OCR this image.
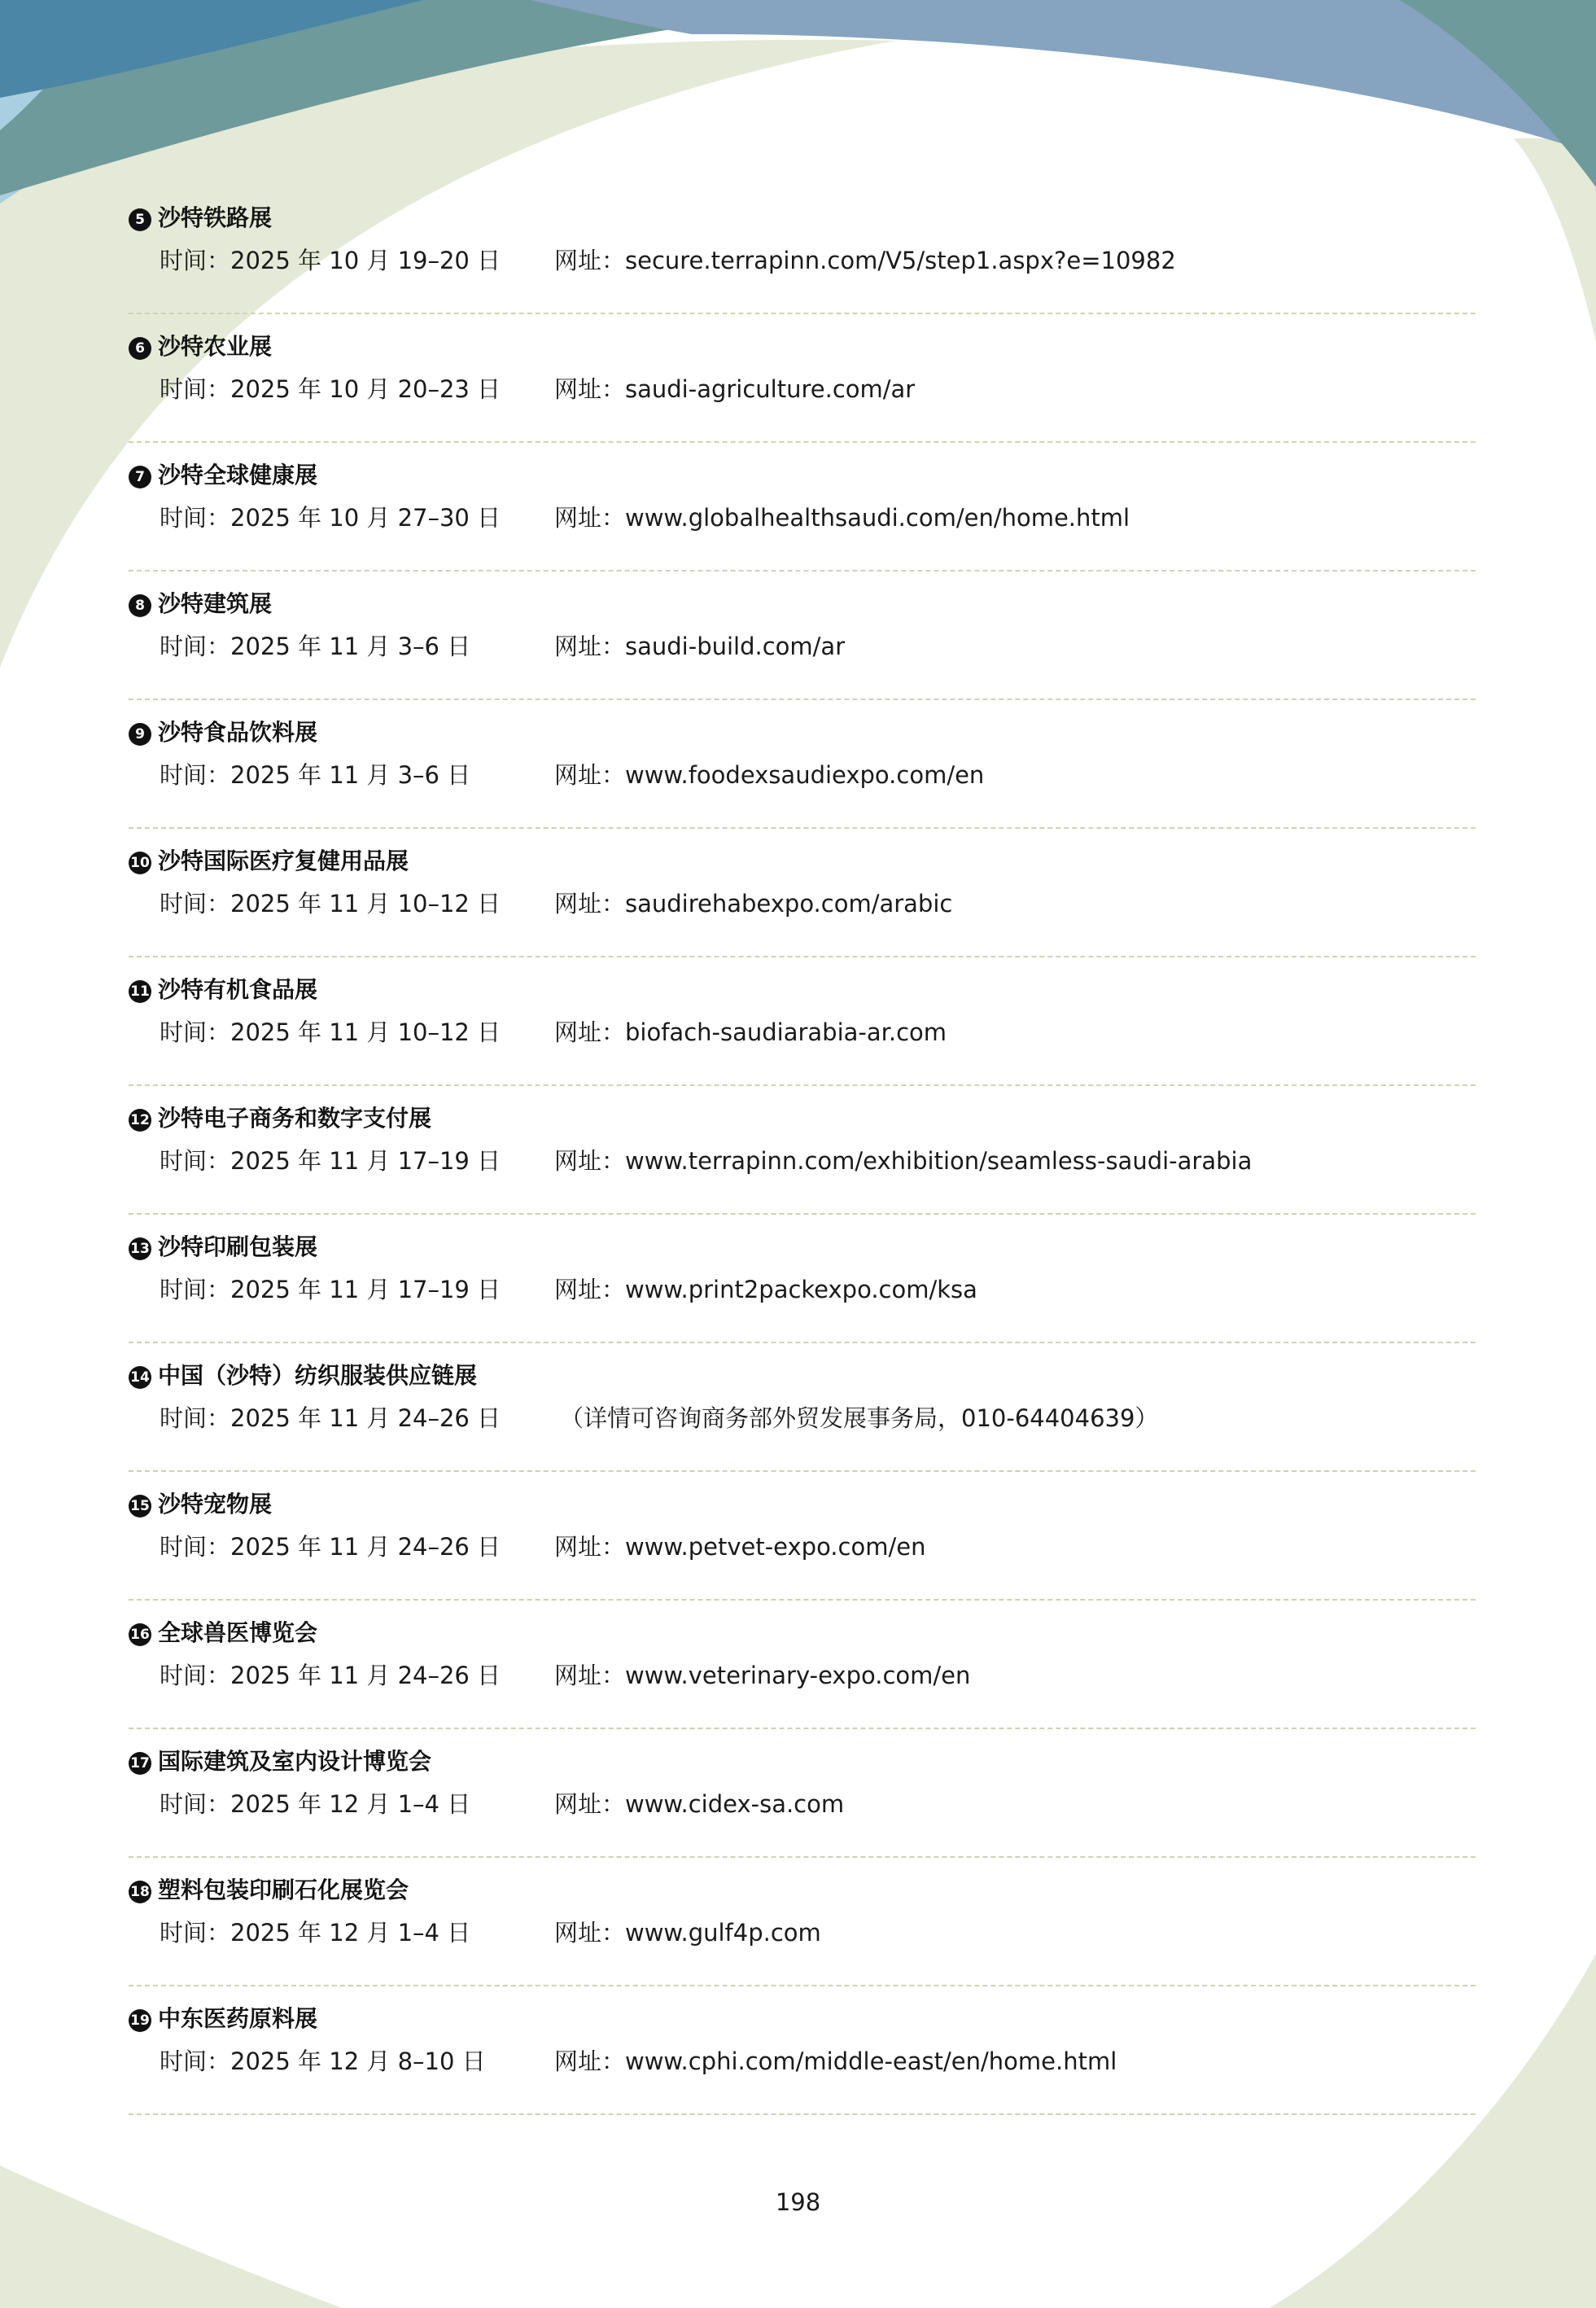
5 沙特铁路展
时间：2025 年 10 月 19–20 日 网址：secure.terrapinn.com/V5/step1.aspx?e=10982
6 沙特农业展
时间：2025 年 10 月 20–23 日 网址：saudi-agriculture.com/ar
7 沙特全球健康展
时间：2025 年 10 月 27–30 日 网址：www.globalhealthsaudi.com/en/home.html
8 沙特建筑展
时间：2025 年 11 月 3–6 日	网址：saudi-build.com/ar
9 沙特食品饮料展
时间：2025 年 11 月 3–6 日	网址：www.foodexsaudiexpo.com/en
10 沙特国际医疗复健用品展
时间：2025 年 11 月 10–12 日 网址：saudirehabexpo.com/arabic
11 沙特有机食品展
时间：2025 年 11 月 10–12 日 网址：biofach-saudiarabia-ar.com
12 沙特电子商务和数字支付展
时间：2025 年 11 月 17–19 日 网址：www.terrapinn.com/exhibition/seamless-saudi-arabia
13 沙特印刷包装展
时间：2025 年 11 月 17–19 日 网址：www.print2packexpo.com/ksa
14 中国（沙特）纺织服装供应链展
时间：2025 年 11 月 24–26 日	（详情可咨询商务部外贸发展事务局，010-64404639）
15 沙特宠物展
时间：2025 年 11 月 24–26 日 网址：www.petvet-expo.com/en
16 全球兽医博览会
时间：2025 年 11 月 24–26 日 网址：www.veterinary-expo.com/en
17 国际建筑及室内设计博览会
时间：2025 年 12 月 1–4 日	网址：www.cidex-sa.com
18 塑料包装印刷石化展览会
时间：2025 年 12 月 1–4 日	网址：www.gulf4p.com
19 中东医药原料展
时间：2025 年 12 月 8–10 日	网址：www.cphi.com/middle-east/en/home.html
198
